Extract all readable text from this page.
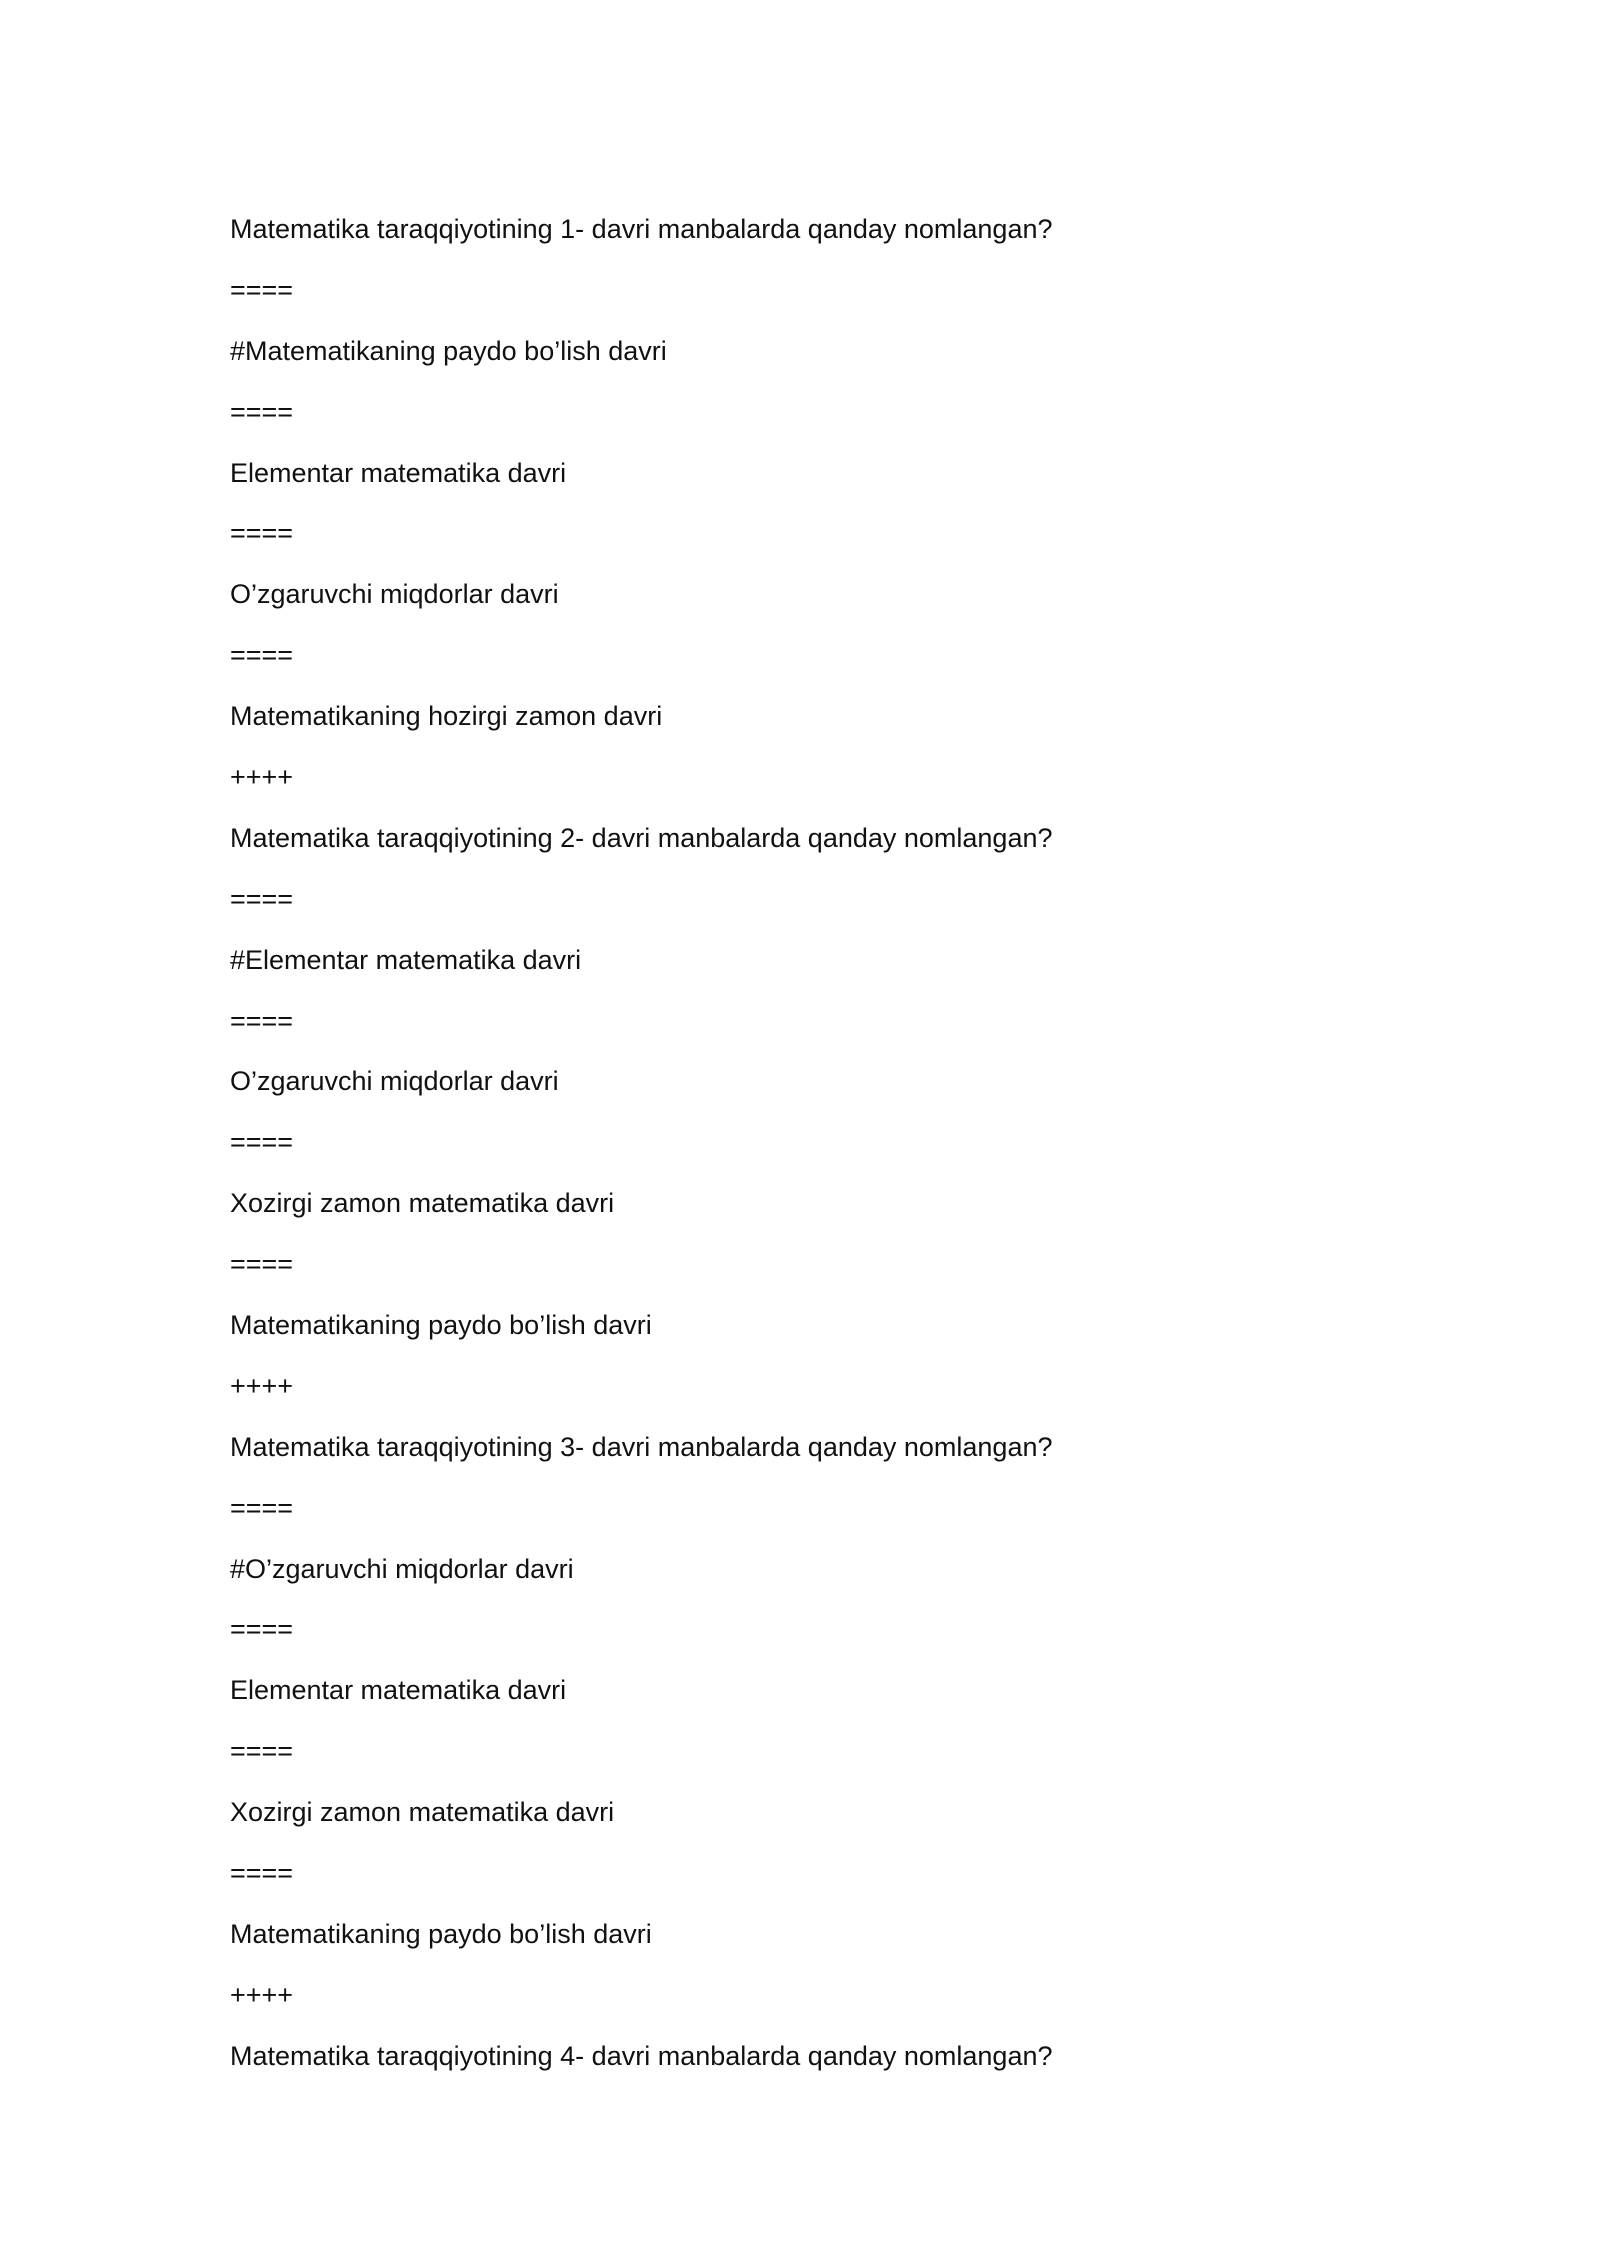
Matematika taraqqiyotining 1- davri manbalarda qanday nomlangan?
====
#Matematikaning paydo bo’lish davri
====
Elementar matematika davri
====
O’zgaruvchi miqdorlar davri
====
Matematikaning hozirgi zamon davri
++++
Matematika taraqqiyotining 2- davri manbalarda qanday nomlangan?
====
#Elementar matematika davri
====
O’zgaruvchi miqdorlar davri
====
Xozirgi zamon matematika davri
====
Matematikaning paydo bo’lish davri
++++
Matematika taraqqiyotining 3- davri manbalarda qanday nomlangan?
====
#O’zgaruvchi miqdorlar davri
====
Elementar matematika davri
====
Xozirgi zamon matematika davri
====
Matematikaning paydo bo’lish davri
++++
Matematika taraqqiyotining 4- davri manbalarda qanday nomlangan?
